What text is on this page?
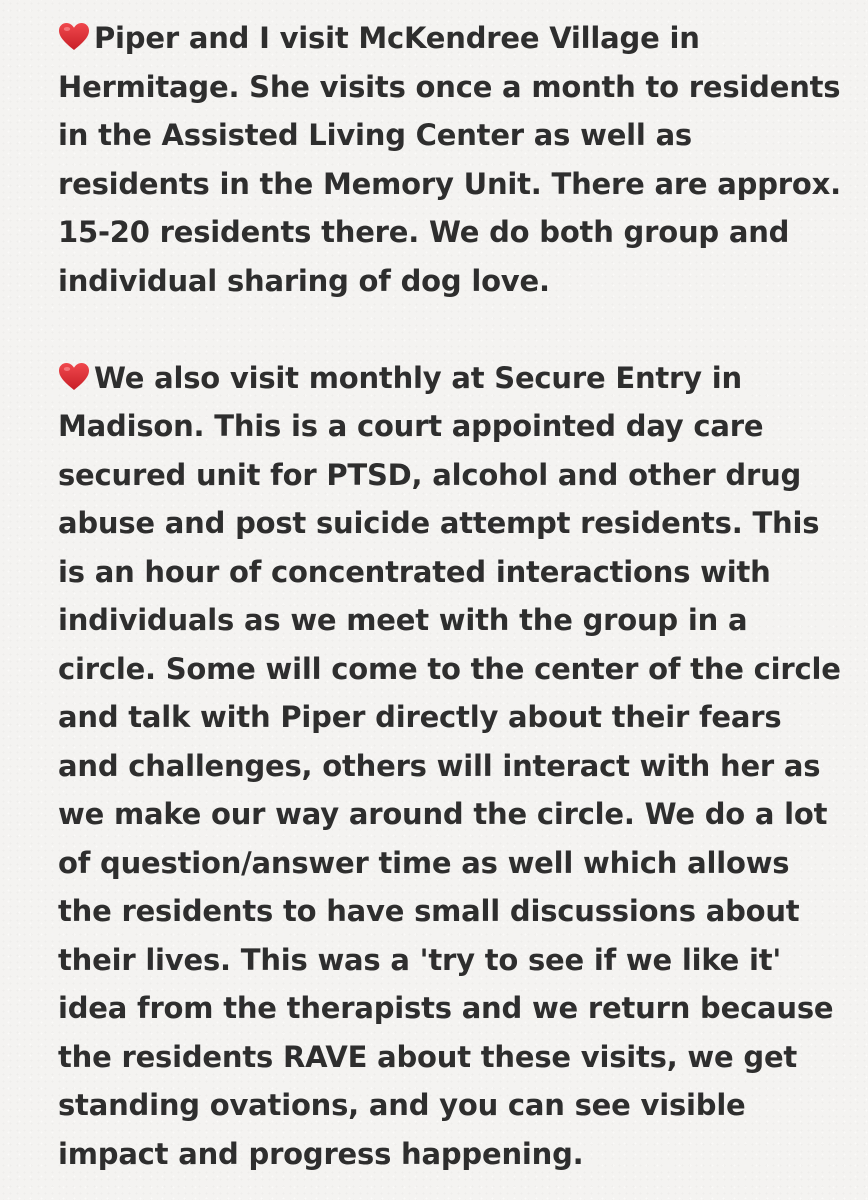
Piper and I visit McKendree Village in Hermitage. She visits once a month to residents in the Assisted Living Center as well as residents in the Memory Unit. There are approx. 15-20 residents there. We do both group and individual sharing of dog love.

We also visit monthly at Secure Entry in Madison. This is a court appointed day care secured unit for PTSD, alcohol and other drug abuse and post suicide attempt residents. This is an hour of concentrated interactions with individuals as we meet with the group in a circle. Some will come to the center of the circle and talk with Piper directly about their fears and challenges, others will interact with her as we make our way around the circle. We do a lot of question/answer time as well which allows the residents to have small discussions about their lives. This was a 'try to see if we like it' idea from the therapists and we return because the residents RAVE about these visits, we get standing ovations, and you can see visible impact and progress happening.
